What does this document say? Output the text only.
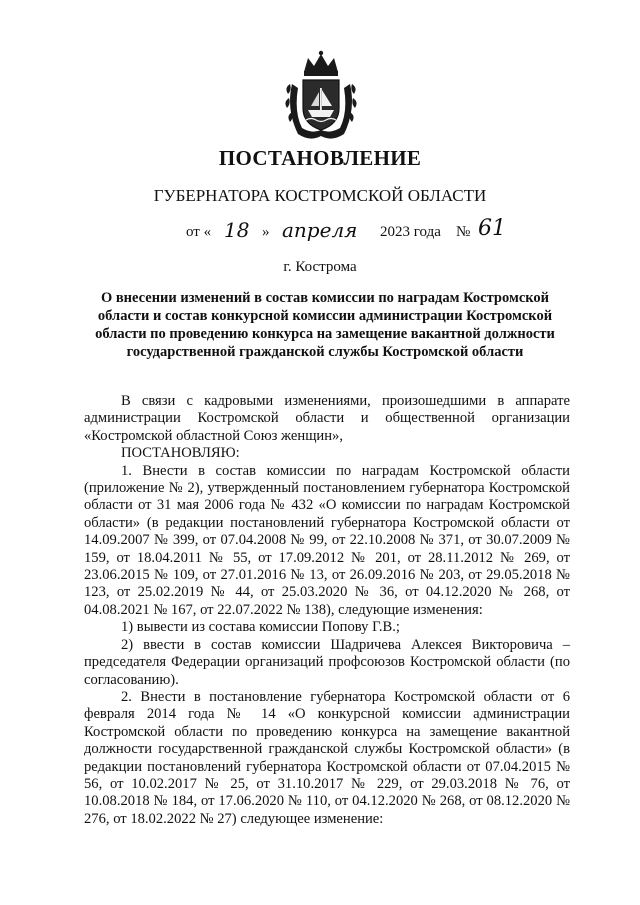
ПОСТАНОВЛЕНИЕ
ГУБЕРНАТОРА КОСТРОМСКОЙ ОБЛАСТИ
от « 18 » апреля 2023 года № 61
г. Кострома
О внесении изменений в состав комиссии по наградам Костромской области и состав конкурсной комиссии администрации Костромской области по проведению конкурса на замещение вакантной должности государственной гражданской службы Костромской области

В связи с кадровыми изменениями, произошедшими в аппарате администрации Костромской области и общественной организации «Костромской областной Союз женщин»,

ПОСТАНОВЛЯЮ:

1. Внести в состав комиссии по наградам Костромской области (приложение № 2), утвержденный постановлением губернатора Костромской области от 31 мая 2006 года № 432 «О комиссии по наградам Костромской области» (в редакции постановлений губернатора Костромской области от 14.09.2007 № 399, от 07.04.2008 № 99, от 22.10.2008 № 371, от 30.07.2009 № 159, от 18.04.2011 № 55, от 17.09.2012 № 201, от 28.11.2012 № 269, от 23.06.2015 № 109, от 27.01.2016 № 13, от 26.09.2016 № 203, от 29.05.2018 № 123, от 25.02.2019 № 44, от 25.03.2020 № 36, от 04.12.2020 № 268, от 04.08.2021 № 167, от 22.07.2022 № 138), следующие изменения:

1) вывести из состава комиссии Попову Г.В.;

2) ввести в состав комиссии Шадричева Алексея Викторовича – председателя Федерации организаций профсоюзов Костромской области (по согласованию).

2. Внести в постановление губернатора Костромской области от 6 февраля 2014 года № 14 «О конкурсной комиссии администрации Костромской области по проведению конкурса на замещение вакантной должности государственной гражданской службы Костромской области» (в редакции постановлений губернатора Костромской области от 07.04.2015 № 56, от 10.02.2017 № 25, от 31.10.2017 № 229, от 29.03.2018 № 76, от 10.08.2018 № 184, от 17.06.2020 № 110, от 04.12.2020 № 268, от 08.12.2020 № 276, от 18.02.2022 № 27) следующее изменение:
